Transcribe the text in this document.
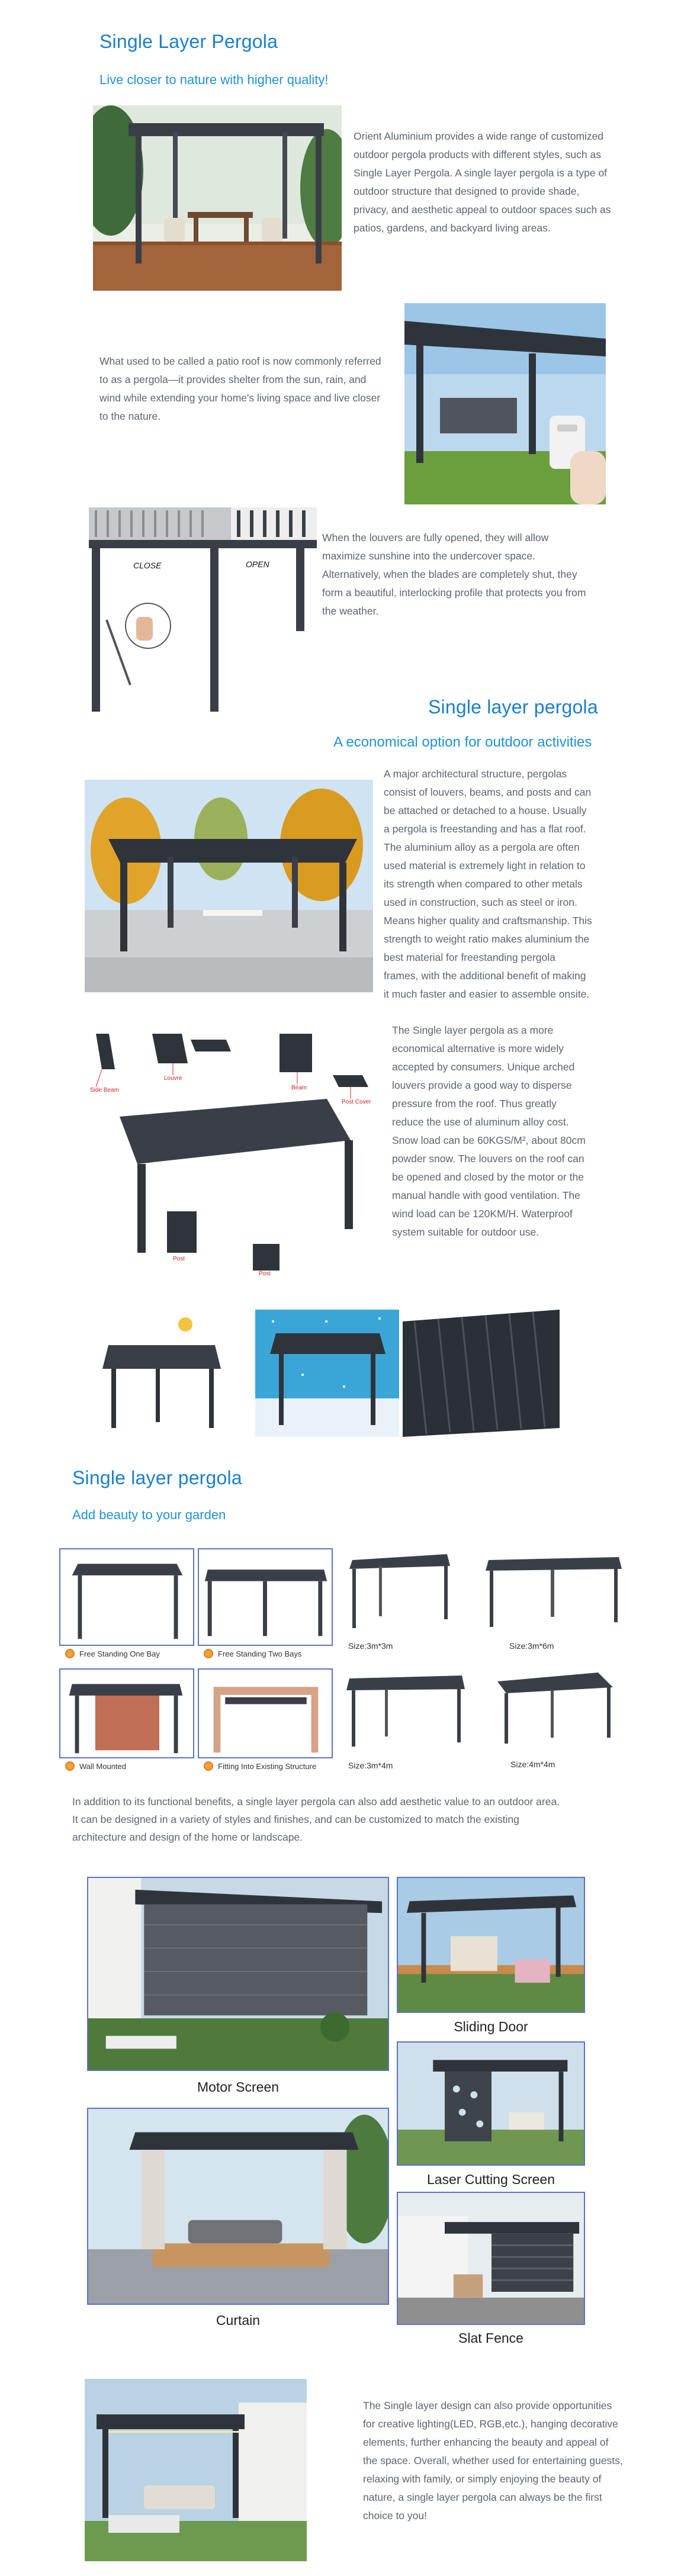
Single Layer Pergola
Live closer to nature with higher quality!

Orient Aluminium provides a wide range of customized outdoor pergola products with different styles, such as Single Layer Pergola. A single layer pergola is a type of outdoor structure that designed to provide shade, privacy, and aesthetic appeal to outdoor spaces such as patios, gardens, and backyard living areas.

What used to be called a patio roof is now commonly referred to as a pergola—it provides shelter from the sun, rain, and wind while extending your home's living space and live closer to the nature.

CLOSE	OPEN

When the louvers are fully opened, they will allow maximize sunshine into the undercover space. Alternatively, when the blades are completely shut, they form a beautiful, interlocking profile that protects you from the weather.

Single layer pergola
A economical option for outdoor activities

A major architectural structure, pergolas consist of louvers, beams, and posts and can be attached or detached to a house. Usually a pergola is freestanding and has a flat roof. The aluminium alloy as a pergola are often used material is extremely light in relation to its strength when compared to other metals used in construction, such as steel or iron. Means higher quality and craftsmanship. This strength to weight ratio makes aluminium the best material for freestanding pergola frames, with the additional benefit of making it much faster and easier to assemble onsite.

Side Beam
Louvre
Beam
Post Cover
Post
Post

The Single layer pergola as a more economical alternative is more widely accepted by consumers. Unique arched louvers provide a good way to disperse pressure from the roof. Thus greatly reduce the use of aluminum alloy cost. Snow load can be 60KGS/M², about 80cm powder snow. The louvers on the roof can be opened and closed by the motor or the manual handle with good ventilation. The wind load can be 120KM/H. Waterproof system suitable for outdoor use.

Single layer pergola
Add beauty to your garden
Free Standing One Bay	Free Standing Two Bays
Size:3m*3m	Size:3m*6m
Wall Mounted	Fitting Into Existing Structure	Size:3m*4m	Size:4m*4m

In addition to its functional benefits, a single layer pergola can also add aesthetic value to an outdoor area. It can be designed in a variety of styles and finishes, and can be customized to match the existing architecture and design of the home or landscape.

Motor Screen
Sliding Door
Laser Cutting Screen
Curtain
Slat Fence

The Single layer design can also provide opportunities for creative lighting(LED, RGB,etc.), hanging decorative elements, further enhancing the beauty and appeal of the space. Overall, whether used for entertaining guests, relaxing with family, or simply enjoying the beauty of nature, a single layer pergola can always be the first choice to you!
